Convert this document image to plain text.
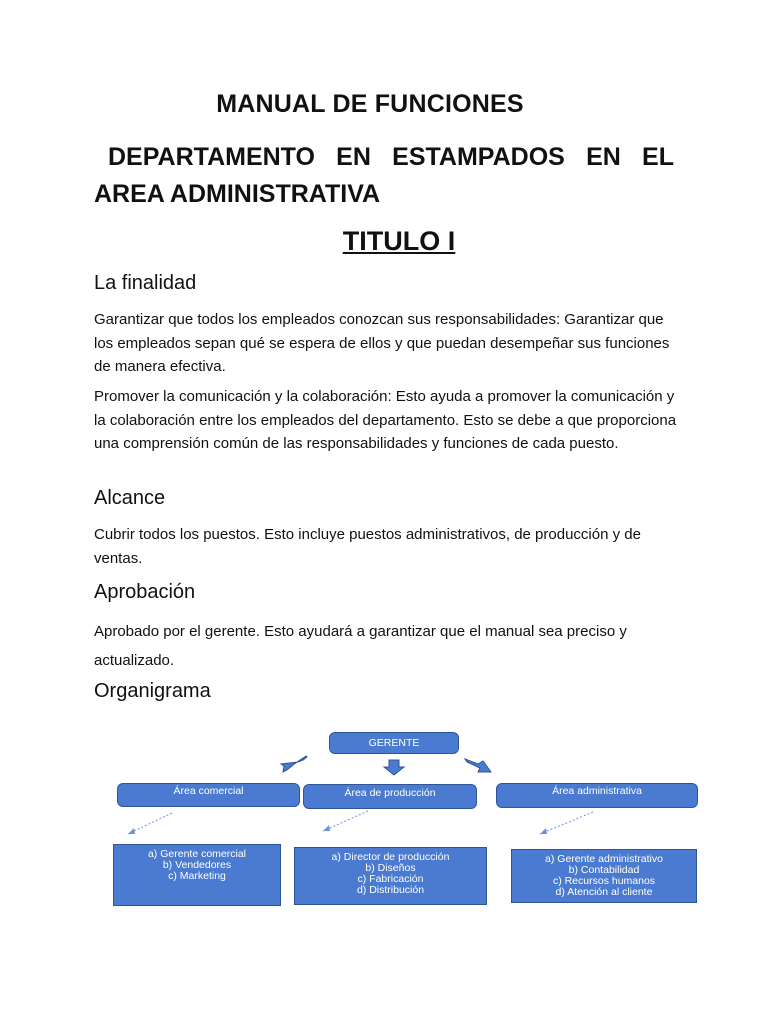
MANUAL DE FUNCIONES
DEPARTAMENTO EN ESTAMPADOS EN EL AREA ADMINISTRATIVA
TITULO I
La finalidad
Garantizar que todos los empleados conozcan sus responsabilidades: Garantizar que los empleados sepan qué se espera de ellos y que puedan desempeñar sus funciones de manera efectiva.
Promover la comunicación y la colaboración: Esto ayuda a promover la comunicación y la colaboración entre los empleados del departamento. Esto se debe a que proporciona una comprensión común de las responsabilidades y funciones de cada puesto.
Alcance
Cubrir todos los puestos. Esto incluye puestos administrativos, de producción y de ventas.
Aprobación
Aprobado por el gerente. Esto ayudará a garantizar que el manual sea preciso y actualizado.
Organigrama
GERENTE
Área comercial	Área de producción	Área administrativa
a) Gerente comercial
b) Vendedores
c) Marketing
a) Director de producción
b) Diseños
c) Fabricación
d) Distribución
a) Gerente administrativo
b) Contabilidad
c) Recursos humanos
d) Atención al cliente
